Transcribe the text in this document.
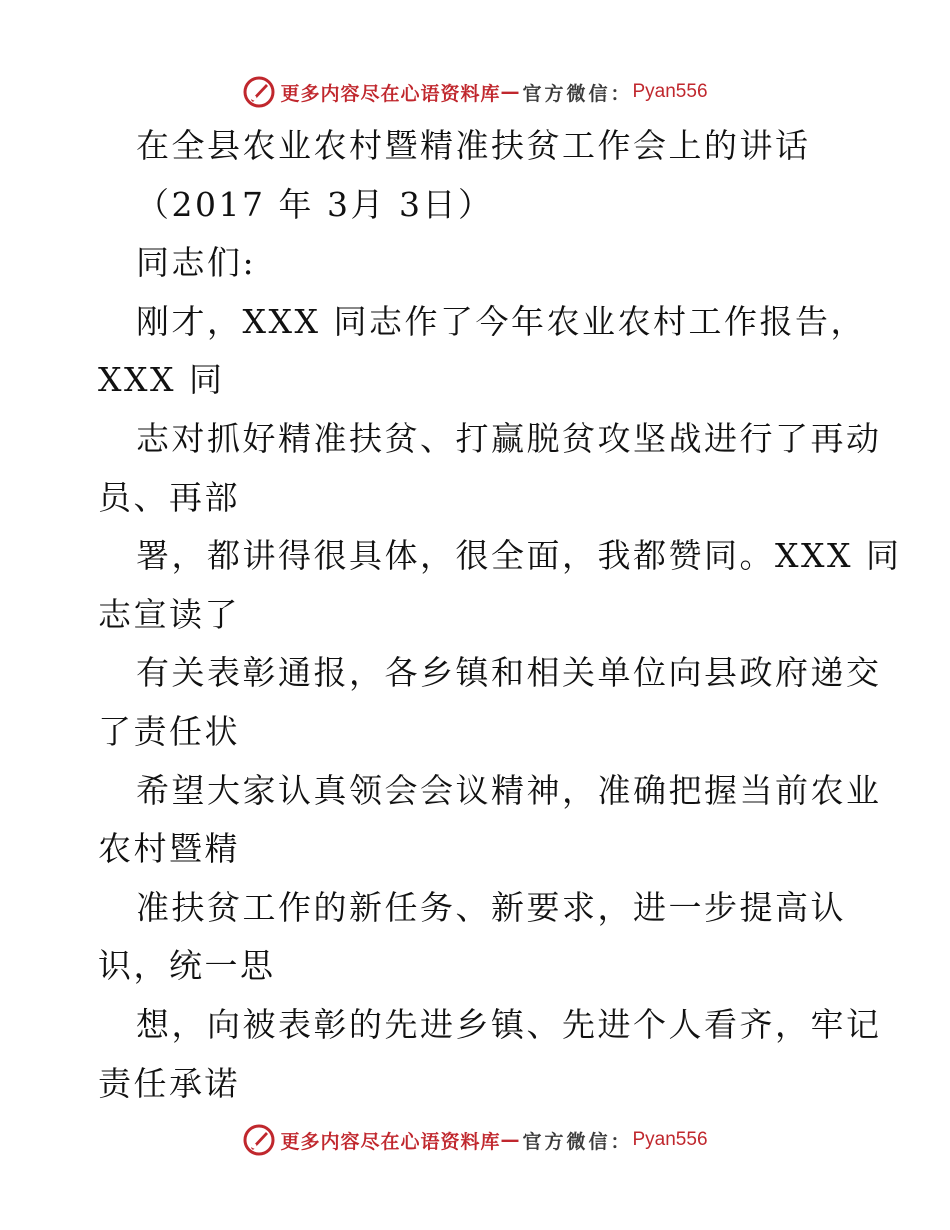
更多内容尽在心语资料库 — 官方微信： Pyan556
在全县农业农村暨精准扶贫工作会上的讲话
（2017 年 3月 3日）
同志们:
刚才，XXX 同志作了今年农业农村工作报告，
XXX 同
志对抓好精准扶贫、打赢脱贫攻坚战进行了再动
员、再部
署，都讲得很具体，很全面，我都赞同。XXX 同
志宣读了
有关表彰通报，各乡镇和相关单位向县政府递交
了责任状
希望大家认真领会会议精神，准确把握当前农业
农村暨精
准扶贫工作的新任务、新要求，进一步提高认
识，统一思
想，向被表彰的先进乡镇、先进个人看齐，牢记
责任承诺
更多内容尽在心语资料库 — 官方微信： Pyan556
